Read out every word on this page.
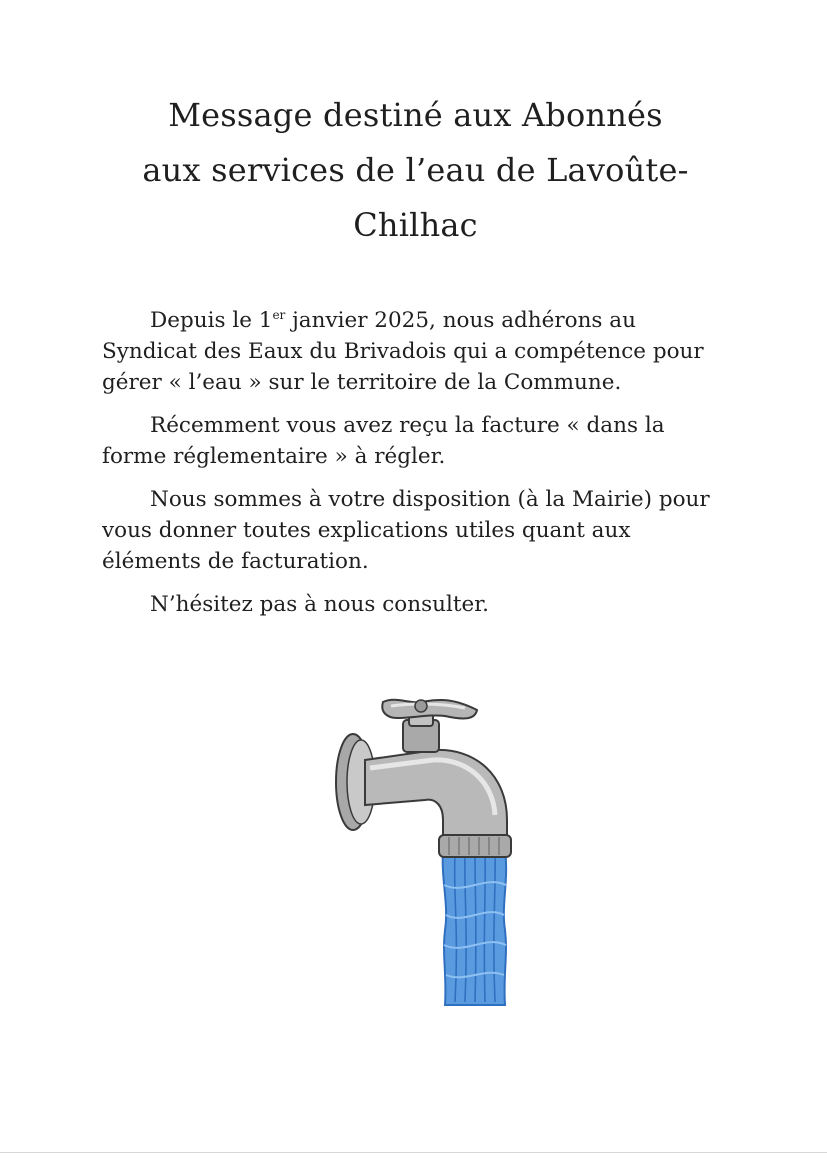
Message destiné aux Abonnés
aux services de l’eau de Lavoûte-
Chilhac

Depuis le 1er janvier 2025, nous adhérons au Syndicat des Eaux du Brivadois qui a compétence pour gérer « l’eau » sur le territoire de la Commune.

Récemment vous avez reçu la facture « dans la forme réglementaire » à régler.

Nous sommes à votre disposition (à la Mairie) pour vous donner toutes explications utiles quant aux éléments de facturation.

N’hésitez pas à nous consulter.
